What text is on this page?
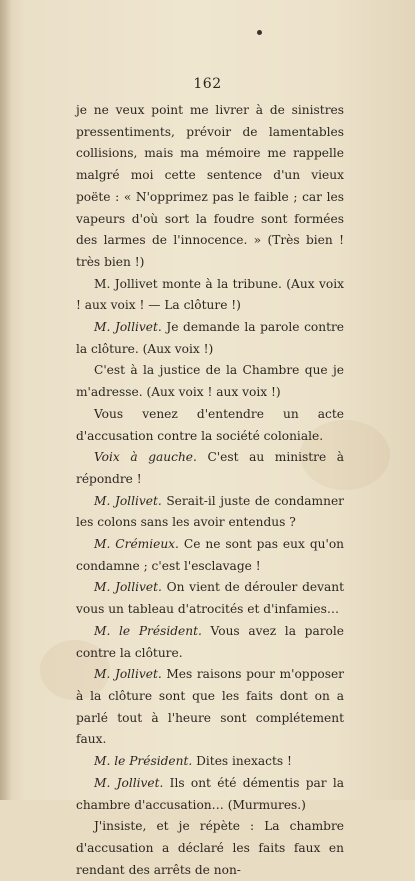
162

je ne veux point me livrer à de sinistres pressentiments, prévoir de lamentables collisions, mais ma mémoire me rappelle malgré moi cette sentence d'un vieux poëte : « N'opprimez pas le faible ; car les vapeurs d'où sort la foudre sont formées des larmes de l'innocence. » (Très bien ! très bien !)

M. Jollivet monte à la tribune. (Aux voix ! aux voix ! — La clôture !)

M. Jollivet. Je demande la parole contre la clôture. (Aux voix !)

C'est à la justice de la Chambre que je m'adresse. (Aux voix ! aux voix !)

Vous venez d'entendre un acte d'accusation contre la société coloniale.

Voix à gauche. C'est au ministre à répondre !

M. Jollivet. Serait-il juste de condamner les colons sans les avoir entendus ?

M. Crémieux. Ce ne sont pas eux qu'on condamne ; c'est l'esclavage !

M. Jollivet. On vient de dérouler devant vous un tableau d'atrocités et d'infamies…

M. le Président. Vous avez la parole contre la clôture.

M. Jollivet. Mes raisons pour m'opposer à la clôture sont que les faits dont on a parlé tout à l'heure sont complétement faux.

M. le Président. Dites inexacts !

M. Jollivet. Ils ont été démentis par la chambre d'accusation… (Murmures.)

J'insiste, et je répète : La chambre d'accusation a déclaré les faits faux en rendant des arrêts de non-
